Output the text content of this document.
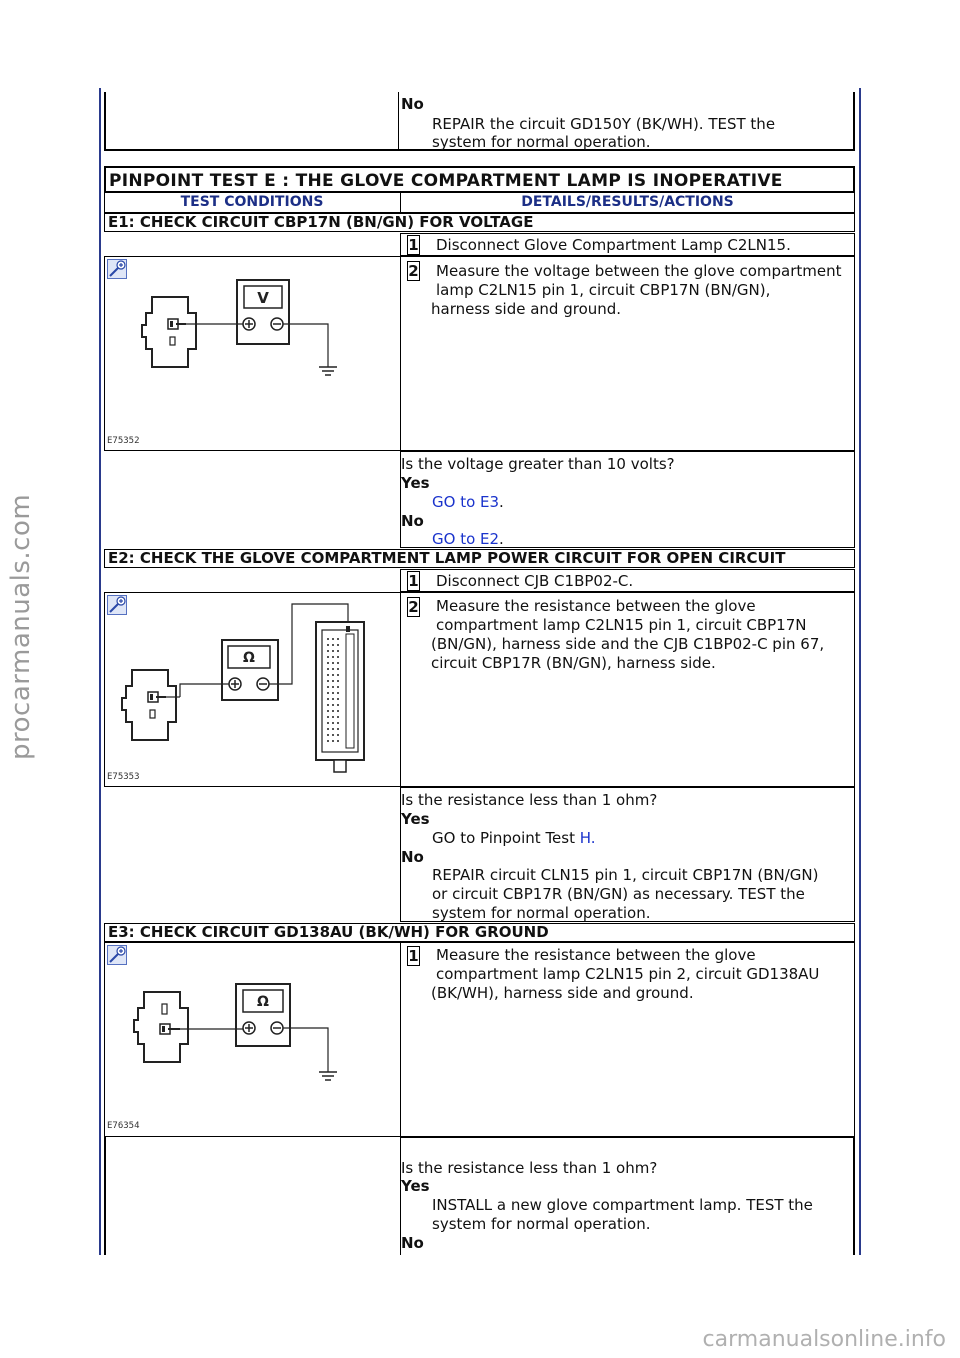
procarmanuals.com
carmanualsonline.info
No
REPAIR the circuit GD150Y (BK/WH). TEST the
system for normal operation.
PINPOINT TEST E : THE GLOVE COMPARTMENT LAMP IS INOPERATIVE
TEST CONDITIONS	DETAILS/RESULTS/ACTIONS
E1: CHECK CIRCUIT CBP17N (BN/GN) FOR VOLTAGE
1 Disconnect Glove Compartment Lamp C2LN15.
V
E75352
2 Measure the voltage between the glove compartment
lamp C2LN15 pin 1, circuit CBP17N (BN/GN),
harness side and ground.
Is the voltage greater than 10 volts?
Yes
GO to E3.
No
GO to E2.
E2: CHECK THE GLOVE COMPARTMENT LAMP POWER CIRCUIT FOR OPEN CIRCUIT
1 Disconnect CJB C1BP02-C.
Ω
E75353
2 Measure the resistance between the glove
compartment lamp C2LN15 pin 1, circuit CBP17N
(BN/GN), harness side and the CJB C1BP02-C pin 67,
circuit CBP17R (BN/GN), harness side.
Is the resistance less than 1 ohm?
Yes
GO to Pinpoint Test H.
No
REPAIR circuit CLN15 pin 1, circuit CBP17N (BN/GN)
or circuit CBP17R (BN/GN) as necessary. TEST the
system for normal operation.
E3: CHECK CIRCUIT GD138AU (BK/WH) FOR GROUND
Ω
E76354
1 Measure the resistance between the glove
compartment lamp C2LN15 pin 2, circuit GD138AU
(BK/WH), harness side and ground.
Is the resistance less than 1 ohm?
Yes
INSTALL a new glove compartment lamp. TEST the
system for normal operation.
No
